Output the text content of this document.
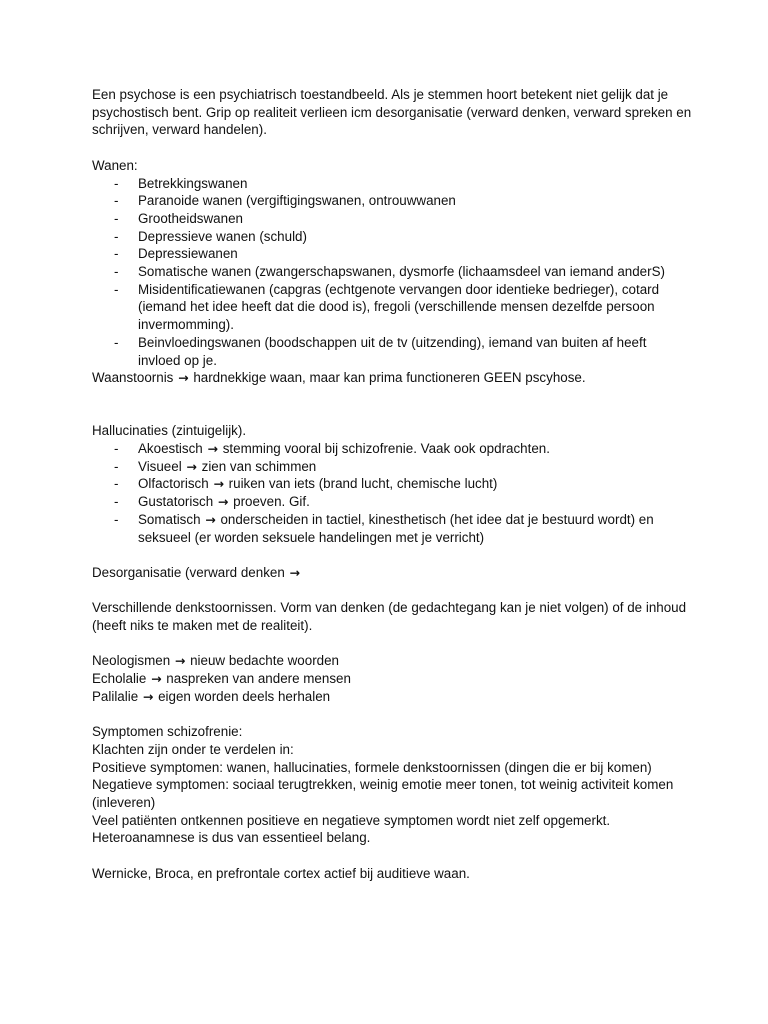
Een psychose is een psychiatrisch toestandbeeld. Als je stemmen hoort betekent niet gelijk dat je psychostisch bent. Grip op realiteit verlieen icm desorganisatie (verward denken, verward spreken en schrijven, verward handelen).

Wanen:

- Betrekkingswanen
- Paranoide wanen (vergiftigingswanen, ontrouwwanen
- Grootheidswanen
- Depressieve wanen (schuld)
- Depressiewanen
- Somatische wanen (zwangerschapswanen, dysmorfe (lichaamsdeel van iemand anderS)
- Misidentificatiewanen (capgras (echtgenote vervangen door identieke bedrieger), cotard (iemand het idee heeft dat die dood is), fregoli (verschillende mensen dezelfde persoon invermomming).
- Beinvloedingswanen (boodschappen uit de tv (uitzending), iemand van buiten af heeft invloed op je.

Waanstoornis → hardnekkige waan, maar kan prima functioneren GEEN pscyhose.

Hallucinaties (zintuigelijk).

- Akoestisch → stemming vooral bij schizofrenie. Vaak ook opdrachten.
- Visueel → zien van schimmen
- Olfactorisch → ruiken van iets (brand lucht, chemische lucht)
- Gustatorisch → proeven. Gif.
- Somatisch → onderscheiden in tactiel, kinesthetisch (het idee dat je bestuurd wordt) en seksueel (er worden seksuele handelingen met je verricht)

Desorganisatie (verward denken →

Verschillende denkstoornissen. Vorm van denken (de gedachtegang kan je niet volgen) of de inhoud (heeft niks te maken met de realiteit).

Neologismen → nieuw bedachte woorden

Echolalie → naspreken van andere mensen

Palilalie → eigen worden deels herhalen

Symptomen schizofrenie:

Klachten zijn onder te verdelen in:

Positieve symptomen: wanen, hallucinaties, formele denkstoornissen (dingen die er bij komen)

Negatieve symptomen: sociaal terugtrekken, weinig emotie meer tonen, tot weinig activiteit komen (inleveren)

Veel patiënten ontkennen positieve en negatieve symptomen wordt niet zelf opgemerkt.

Heteroanamnese is dus van essentieel belang.

Wernicke, Broca, en prefrontale cortex actief bij auditieve waan.
